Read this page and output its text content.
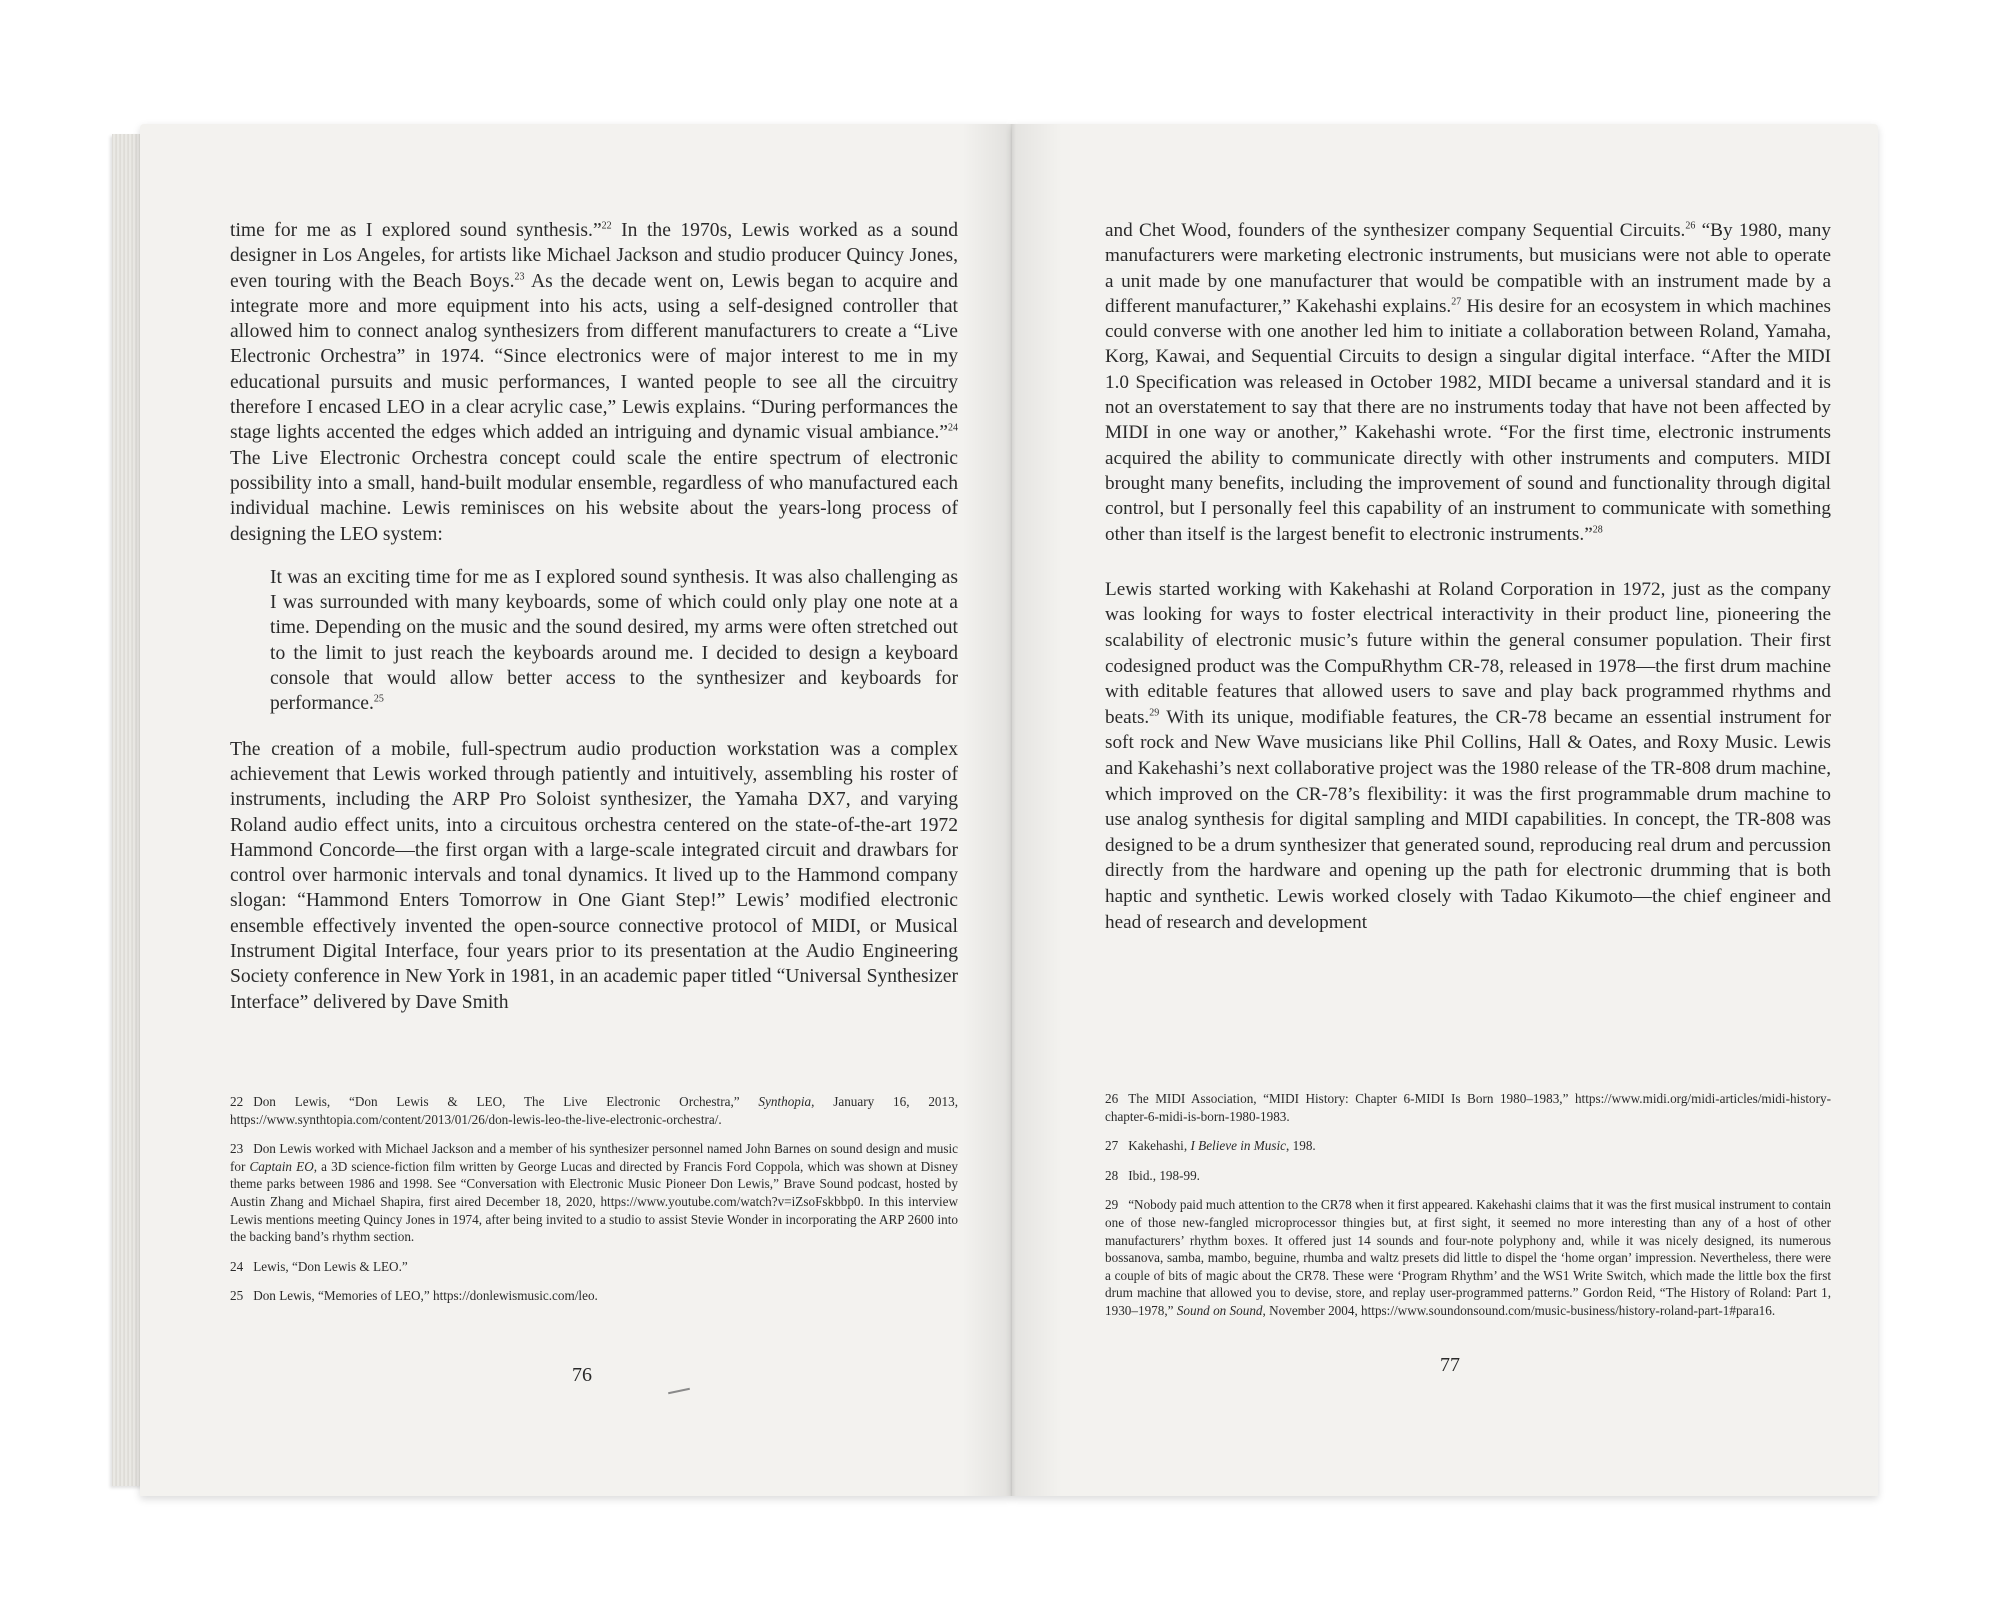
time for me as I explored sound synthesis.”$^{22}$ In the 1970s, Lewis worked as a sound designer in Los Angeles, for artists like Michael Jackson and studio producer Quincy Jones, even touring with the Beach Boys.$^{23}$ As the decade went on, Lewis began to acquire and integrate more and more equipment into his acts, using a self-designed controller that allowed him to connect analog synthesizers from different manufacturers to create a “Live Electronic Orchestra” in 1974. “Since electronics were of major interest to me in my educational pursuits and music performances, I wanted people to see all the circuitry therefore I encased LEO in a clear acrylic case,” Lewis explains. “During performances the stage lights accented the edges which added an intriguing and dynamic visual ambiance.”$^{24}$ The Live Electronic Orchestra concept could scale the entire spectrum of electronic possibility into a small, hand-built modular ensemble, regardless of who manufactured each individual machine. Lewis reminisces on his website about the years-long process of designing the LEO system:

It was an exciting time for me as I explored sound synthesis. It was also challenging as I was surrounded with many keyboards, some of which could only play one note at a time. Depending on the music and the sound desired, my arms were often stretched out to the limit to just reach the keyboards around me. I decided to design a keyboard console that would allow better access to the synthesizer and keyboards for performance.$^{25}$

The creation of a mobile, full-spectrum audio production workstation was a complex achievement that Lewis worked through patiently and intuitively, assembling his roster of instruments, including the ARP Pro Soloist synthesizer, the Yamaha DX7, and varying Roland audio effect units, into a circuitous orchestra centered on the state-of-the-art 1972 Hammond Concorde—the first organ with a large-scale integrated circuit and drawbars for control over harmonic intervals and tonal dynamics. It lived up to the Hammond company slogan: “Hammond Enters Tomorrow in One Giant Step!” Lewis’ modified electronic ensemble effectively invented the open-source connective protocol of MIDI, or Musical Instrument Digital Interface, four years prior to its presentation at the Audio Engineering Society conference in New York in 1981, in an academic paper titled “Universal Synthesizer Interface” delivered by Dave Smith

22 Don Lewis, “Don Lewis & LEO, The Live Electronic Orchestra,” Synthopia, January 16, 2013, https://www.synthtopia.com/content/2013/01/26/don-lewis-leo-the-live-electronic-orchestra/.

23 Don Lewis worked with Michael Jackson and a member of his synthesizer personnel named John Barnes on sound design and music for Captain EO, a 3D science-fiction film written by George Lucas and directed by Francis Ford Coppola, which was shown at Disney theme parks between 1986 and 1998. See “Conversation with Electronic Music Pioneer Don Lewis,” Brave Sound podcast, hosted by Austin Zhang and Michael Shapira, first aired December 18, 2020, https://www.youtube.com/watch?v=iZsoFskbbp0. In this interview Lewis mentions meeting Quincy Jones in 1974, after being invited to a studio to assist Stevie Wonder in incorporating the ARP 2600 into the backing band’s rhythm section.

24 Lewis, “Don Lewis & LEO.”

25 Don Lewis, “Memories of LEO,” https://donlewismusic.com/leo.

76

and Chet Wood, founders of the synthesizer company Sequential Circuits.$^{26}$ “By 1980, many manufacturers were marketing electronic instruments, but musicians were not able to operate a unit made by one manufacturer that would be compatible with an instrument made by a different manufacturer,” Kakehashi explains.$^{27}$ His desire for an ecosystem in which machines could converse with one another led him to initiate a collaboration between Roland, Yamaha, Korg, Kawai, and Sequential Circuits to design a singular digital interface. “After the MIDI 1.0 Specification was released in October 1982, MIDI became a universal standard and it is not an overstatement to say that there are no instruments today that have not been affected by MIDI in one way or another,” Kakehashi wrote. “For the first time, electronic instruments acquired the ability to communicate directly with other instruments and computers. MIDI brought many benefits, including the improvement of sound and functionality through digital control, but I personally feel this capability of an instrument to communicate with something other than itself is the largest benefit to electronic instruments.”$^{28}$

Lewis started working with Kakehashi at Roland Corporation in 1972, just as the company was looking for ways to foster electrical interactivity in their product line, pioneering the scalability of electronic music’s future within the general consumer population. Their first codesigned product was the CompuRhythm CR-78, released in 1978—the first drum machine with editable features that allowed users to save and play back programmed rhythms and beats.$^{29}$ With its unique, modifiable features, the CR-78 became an essential instrument for soft rock and New Wave musicians like Phil Collins, Hall & Oates, and Roxy Music. Lewis and Kakehashi’s next collaborative project was the 1980 release of the TR-808 drum machine, which improved on the CR-78’s flexibility: it was the first programmable drum machine to use analog synthesis for digital sampling and MIDI capabilities. In concept, the TR-808 was designed to be a drum synthesizer that generated sound, reproducing real drum and percussion directly from the hardware and opening up the path for electronic drumming that is both haptic and synthetic. Lewis worked closely with Tadao Kikumoto—the chief engineer and head of research and development

26 The MIDI Association, “MIDI History: Chapter 6-MIDI Is Born 1980–1983,” https://www.midi.org/midi-articles/midi-history-chapter-6-midi-is-born-1980-1983.

27 Kakehashi, I Believe in Music, 198.

28 Ibid., 198-99.

29 “Nobody paid much attention to the CR78 when it first appeared. Kakehashi claims that it was the first musical instrument to contain one of those new-fangled microprocessor thingies but, at first sight, it seemed no more interesting than any of a host of other manufacturers’ rhythm boxes. It offered just 14 sounds and four-note polyphony and, while it was nicely designed, its numerous bossanova, samba, mambo, beguine, rhumba and waltz presets did little to dispel the ‘home organ’ impression. Nevertheless, there were a couple of bits of magic about the CR78. These were ‘Program Rhythm’ and the WS1 Write Switch, which made the little box the first drum machine that allowed you to devise, store, and replay user-programmed patterns.” Gordon Reid, “The History of Roland: Part 1, 1930–1978,” Sound on Sound, November 2004, https://www.soundonsound.com/music-business/history-roland-part-1#para16.

77
